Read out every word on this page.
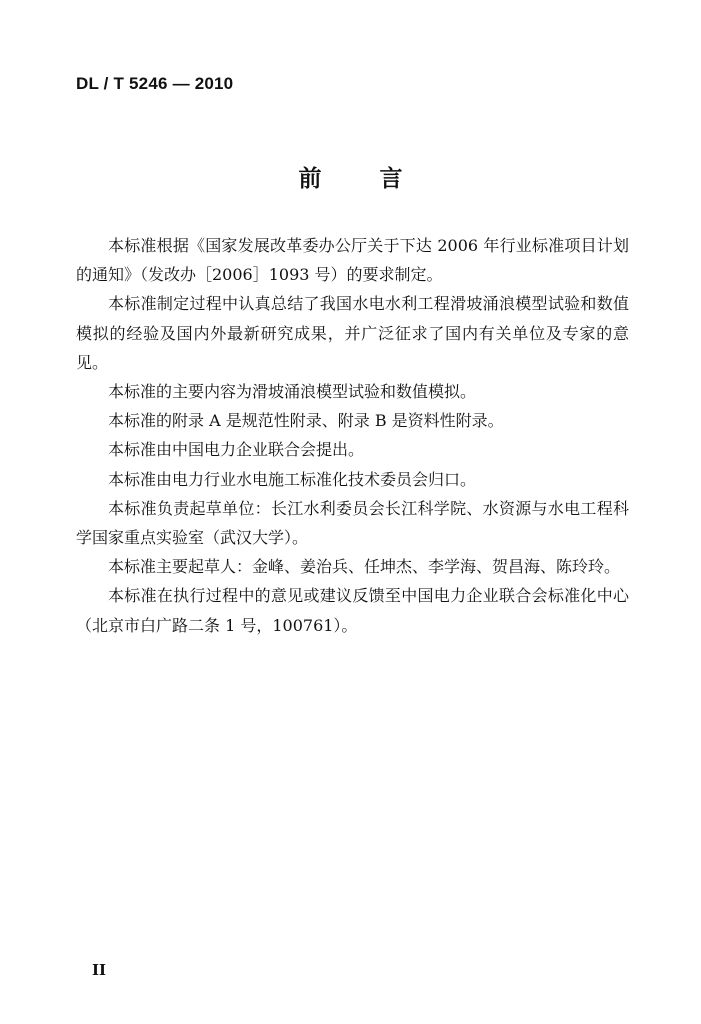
DL / T 5246 — 2010
前	言

本标准根据《国家发展改革委办公厅关于下达 2006 年行业标准项目计划的通知》（发改办［2006］1093 号）的要求制定。

本标准制定过程中认真总结了我国水电水利工程滑坡涌浪模型试验和数值模拟的经验及国内外最新研究成果，并广泛征求了国内有关单位及专家的意见。

本标准的主要内容为滑坡涌浪模型试验和数值模拟。

本标准的附录 A 是规范性附录、附录 B 是资料性附录。

本标准由中国电力企业联合会提出。

本标准由电力行业水电施工标准化技术委员会归口。

本标准负责起草单位：长江水利委员会长江科学院、水资源与水电工程科学国家重点实验室（武汉大学）。

本标准主要起草人：金峰、姜治兵、任坤杰、李学海、贺昌海、陈玲玲。

本标准在执行过程中的意见或建议反馈至中国电力企业联合会标准化中心（北京市白广路二条 1 号，100761）。

II
